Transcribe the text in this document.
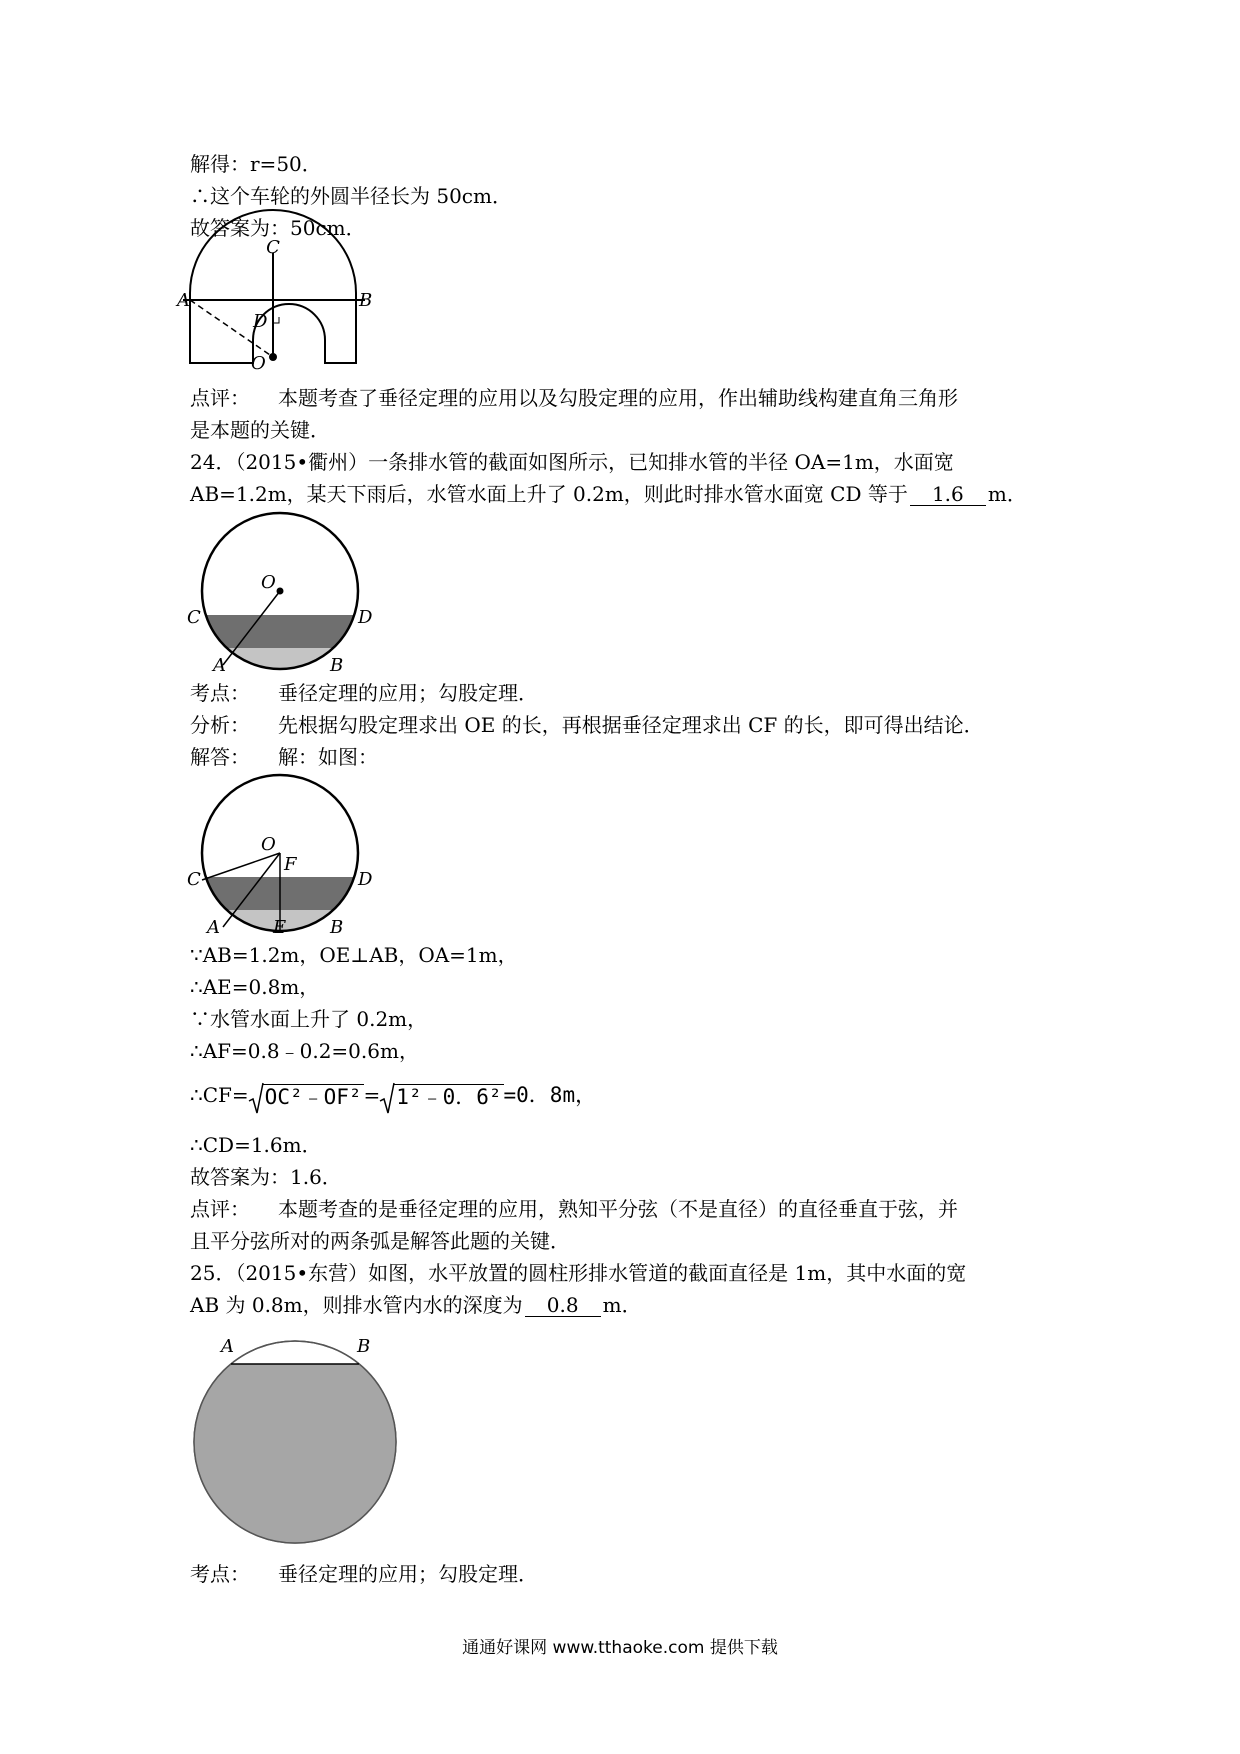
解得：r=50．
∴这个车轮的外圆半径长为 50cm．
故答案为：50cm．
C
A	B
D
O
点评： 本题考查了垂径定理的应用以及勾股定理的应用，作出辅助线构建直角三角形
是本题的关键．
24．（2015•衢州）一条排水管的截面如图所示，已知排水管的半径 OA=1m，水面宽
AB=1.2m，某天下雨后，水管水面上升了 0.2m，则此时排水管水面宽 CD 等于 1.6 m．
O
C	D
A	B
考点： 垂径定理的应用；勾股定理．
分析： 先根据勾股定理求出 OE 的长，再根据垂径定理求出 CF 的长，即可得出结论．
解答： 解：如图：
O
F
C	D
A	E B
∵AB=1.2m，OE⊥AB，OA=1m，
∴AE=0.8m，
∵水管水面上升了 0.2m，
∴AF=0.8﹣0.2=0.6m，
∴CF= OC²﹣OF² = 1²﹣0．6²=0．8m，
∴CD=1.6m．
故答案为：1.6．
点评： 本题考查的是垂径定理的应用，熟知平分弦（不是直径）的直径垂直于弦，并
且平分弦所对的两条弧是解答此题的关键．
25．（2015•东营）如图，水平放置的圆柱形排水管道的截面直径是 1m，其中水面的宽
AB 为 0.8m，则排水管内水的深度为 0.8 m．
A	B
考点： 垂径定理的应用；勾股定理．
通通好课网 www.tthaoke.com 提供下载
